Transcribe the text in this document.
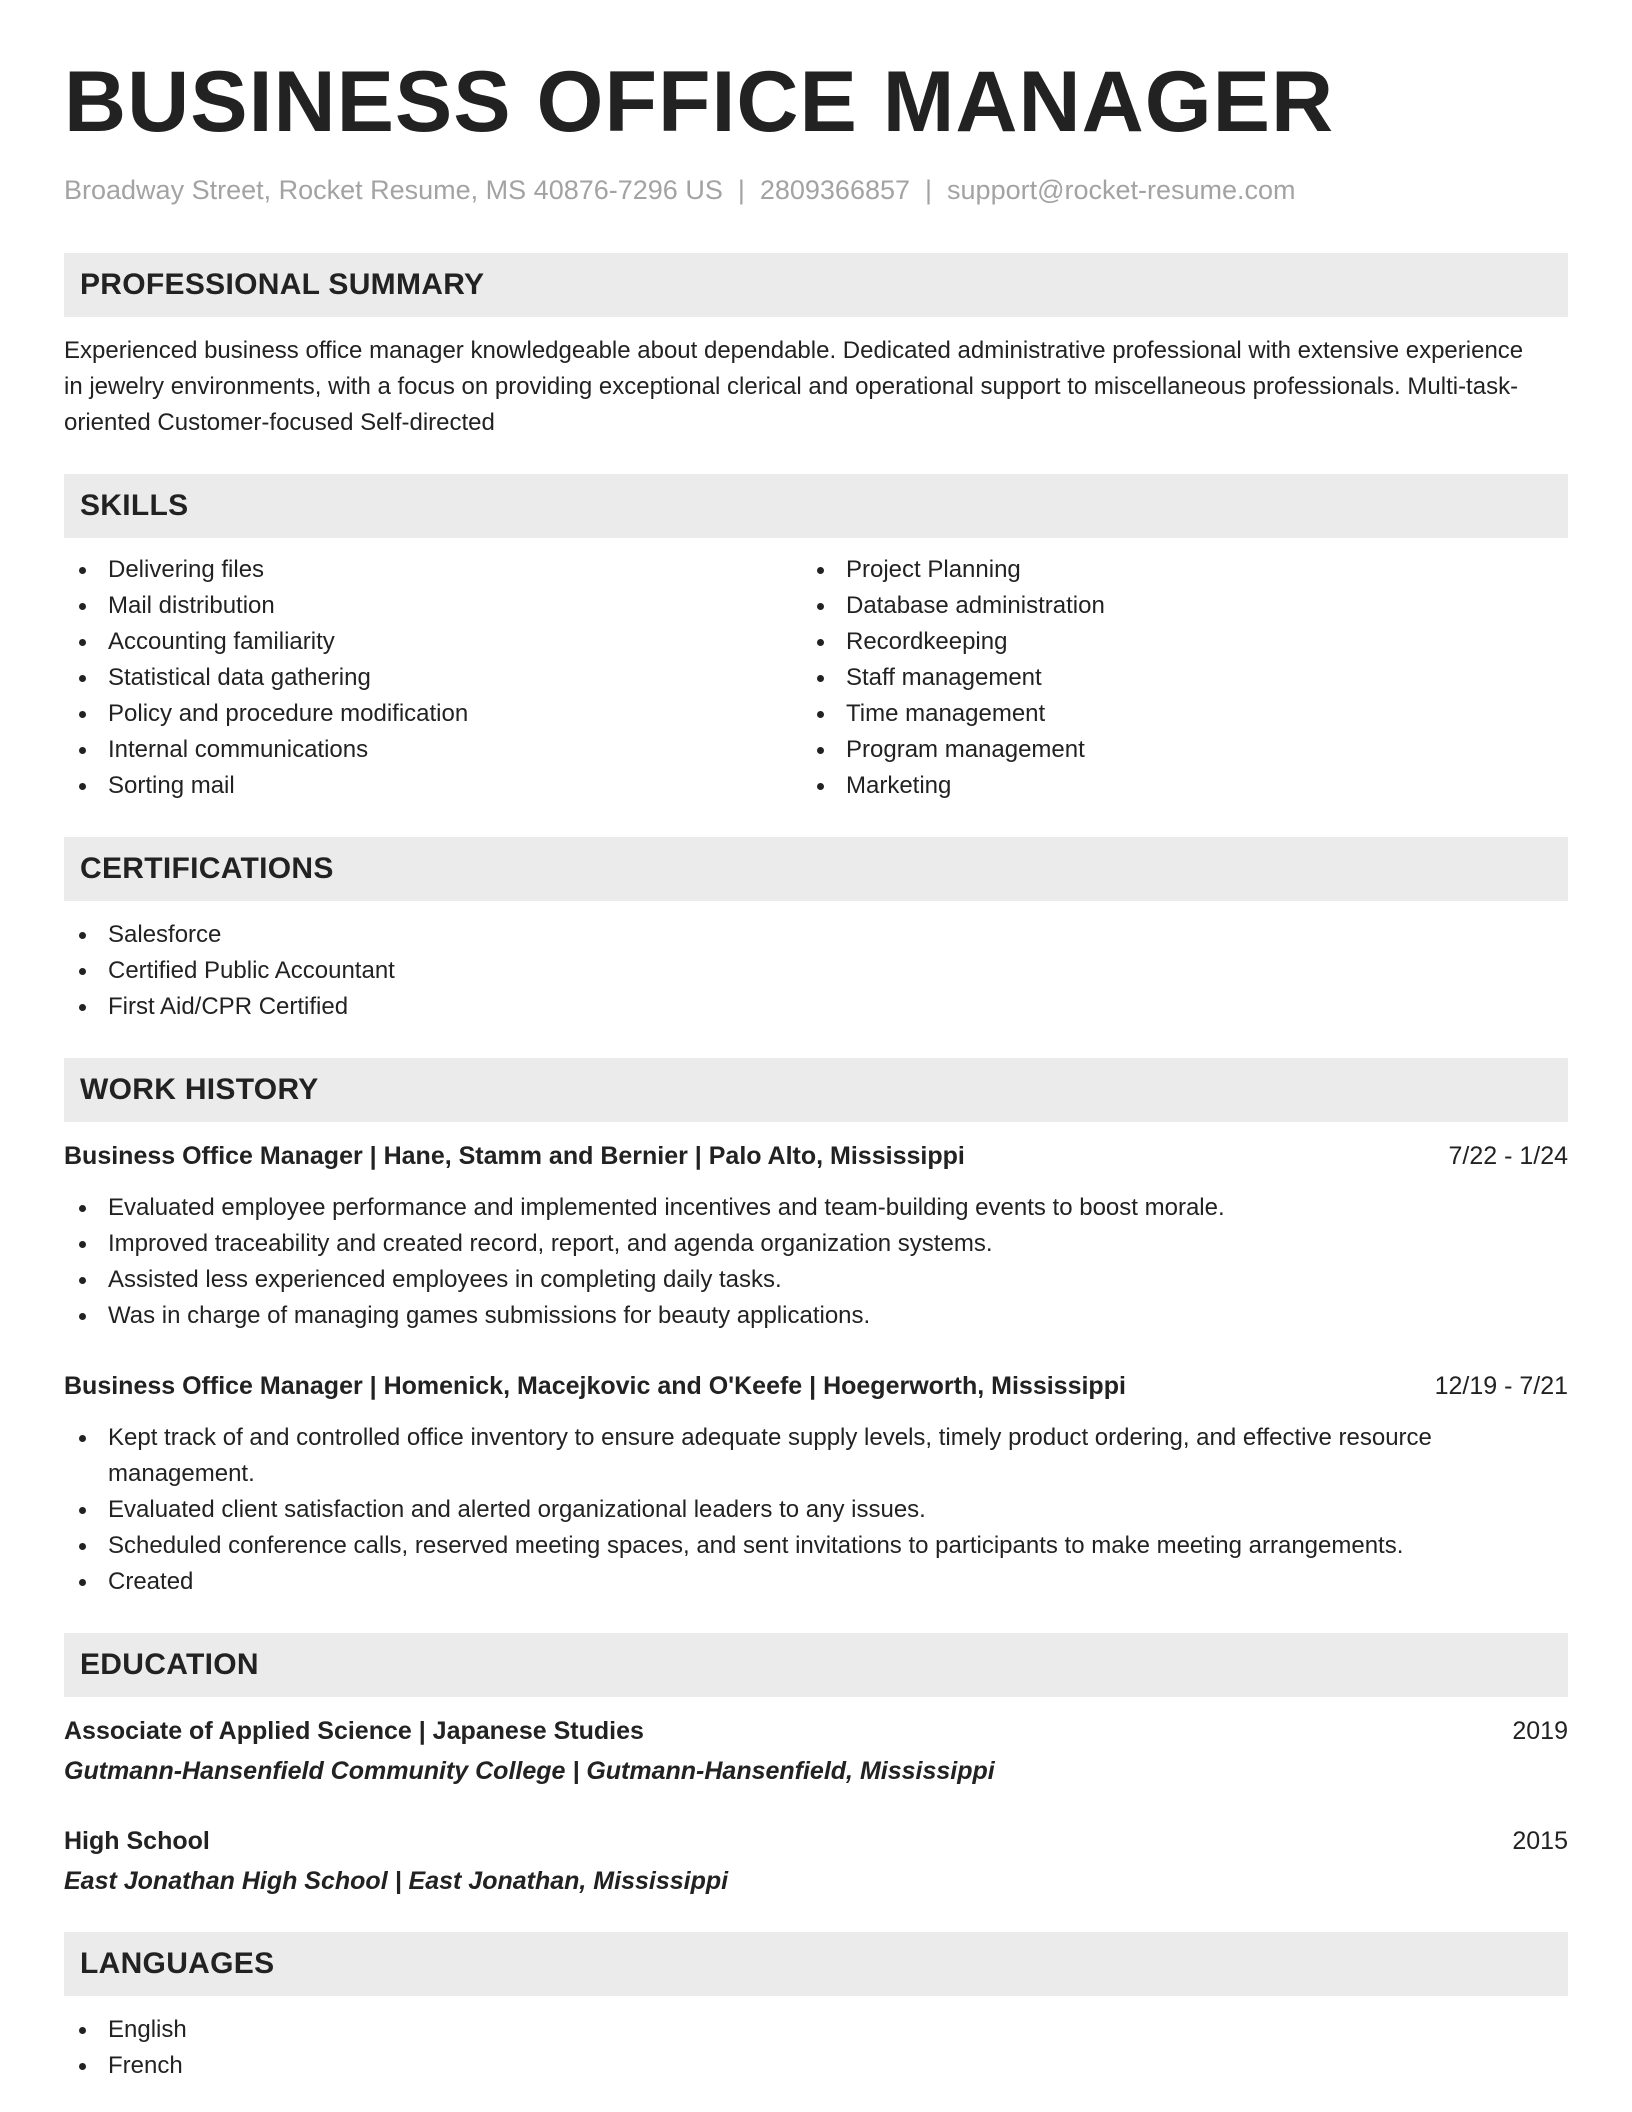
BUSINESS OFFICE MANAGER
Broadway Street, Rocket Resume, MS 40876-7296 US | 2809366857 | support@rocket-resume.com
PROFESSIONAL SUMMARY

Experienced business office manager knowledgeable about dependable. Dedicated administrative professional with extensive experience in jewelry environments, with a focus on providing exceptional clerical and operational support to miscellaneous professionals. Multi-task-oriented Customer-focused Self-directed

SKILLS
Delivering files
Mail distribution
Accounting familiarity
Statistical data gathering
Policy and procedure modification
Internal communications
Sorting mail
Project Planning
Database administration
Recordkeeping
Staff management
Time management
Program management
Marketing
CERTIFICATIONS
Salesforce
Certified Public Accountant
First Aid/CPR Certified
WORK HISTORY
Business Office Manager | Hane, Stamm and Bernier | Palo Alto, Mississippi	7/22 - 1/24
Evaluated employee performance and implemented incentives and team-building events to boost morale.
Improved traceability and created record, report, and agenda organization systems.
Assisted less experienced employees in completing daily tasks.
Was in charge of managing games submissions for beauty applications.
Business Office Manager | Homenick, Macejkovic and O'Keefe | Hoegerworth, Mississippi	12/19 - 7/21
Kept track of and controlled office inventory to ensure adequate supply levels, timely product ordering, and effective resource management.
Evaluated client satisfaction and alerted organizational leaders to any issues.
Scheduled conference calls, reserved meeting spaces, and sent invitations to participants to make meeting arrangements.
Created
EDUCATION
Associate of Applied Science | Japanese Studies	2019
Gutmann-Hansenfield Community College | Gutmann-Hansenfield, Mississippi
High School	2015
East Jonathan High School | East Jonathan, Mississippi
LANGUAGES
English
French
